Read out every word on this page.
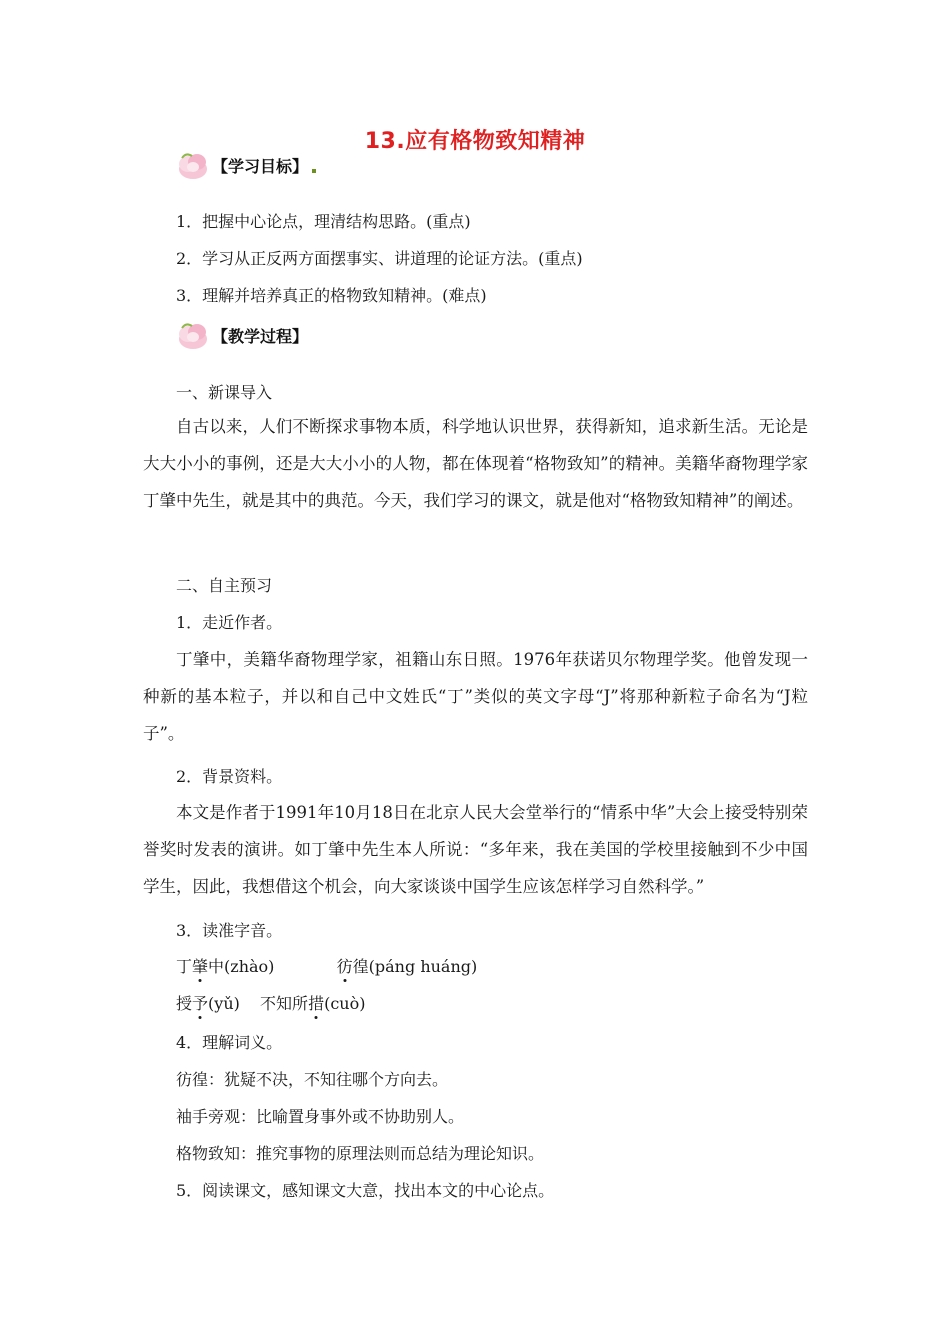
13.应有格物致知精神
【学习目标】
1．把握中心论点，理清结构思路。(重点)
2．学习从正反两方面摆事实、讲道理的论证方法。(重点)
3．理解并培养真正的格物致知精神。(难点)
【教学过程】
一、新课导入

自古以来，人们不断探求事物本质，科学地认识世界，获得新知，追求新生活。无论是大大小小的事例，还是大大小小的人物，都在体现着“格物致知”的精神。美籍华裔物理学家丁肇中先生，就是其中的典范。今天，我们学习的课文，就是他对“格物致知精神”的阐述。

二、自主预习
1．走近作者。

丁肇中，美籍华裔物理学家，祖籍山东日照。1976年获诺贝尔物理学奖。他曾发现一种新的基本粒子，并以和自己中文姓氏“丁”类似的英文字母“J”将那种新粒子命名为“J粒子”。

2．背景资料。

本文是作者于1991年10月18日在北京人民大会堂举行的“情系中华”大会上接受特别荣誉奖时发表的演讲。如丁肇中先生本人所说：“多年来，我在美国的学校里接触到不少中国学生，因此，我想借这个机会，向大家谈谈中国学生应该怎样学习自然科学。”

3．读准字音。
丁肇中(zhào)	彷徨(páng huáng)
授予(yǔ) 不知所措(cuò)
4．理解词义。
彷徨：犹疑不决，不知往哪个方向去。
袖手旁观：比喻置身事外或不协助别人。
格物致知：推究事物的原理法则而总结为理论知识。
5．阅读课文，感知课文大意，找出本文的中心论点。
